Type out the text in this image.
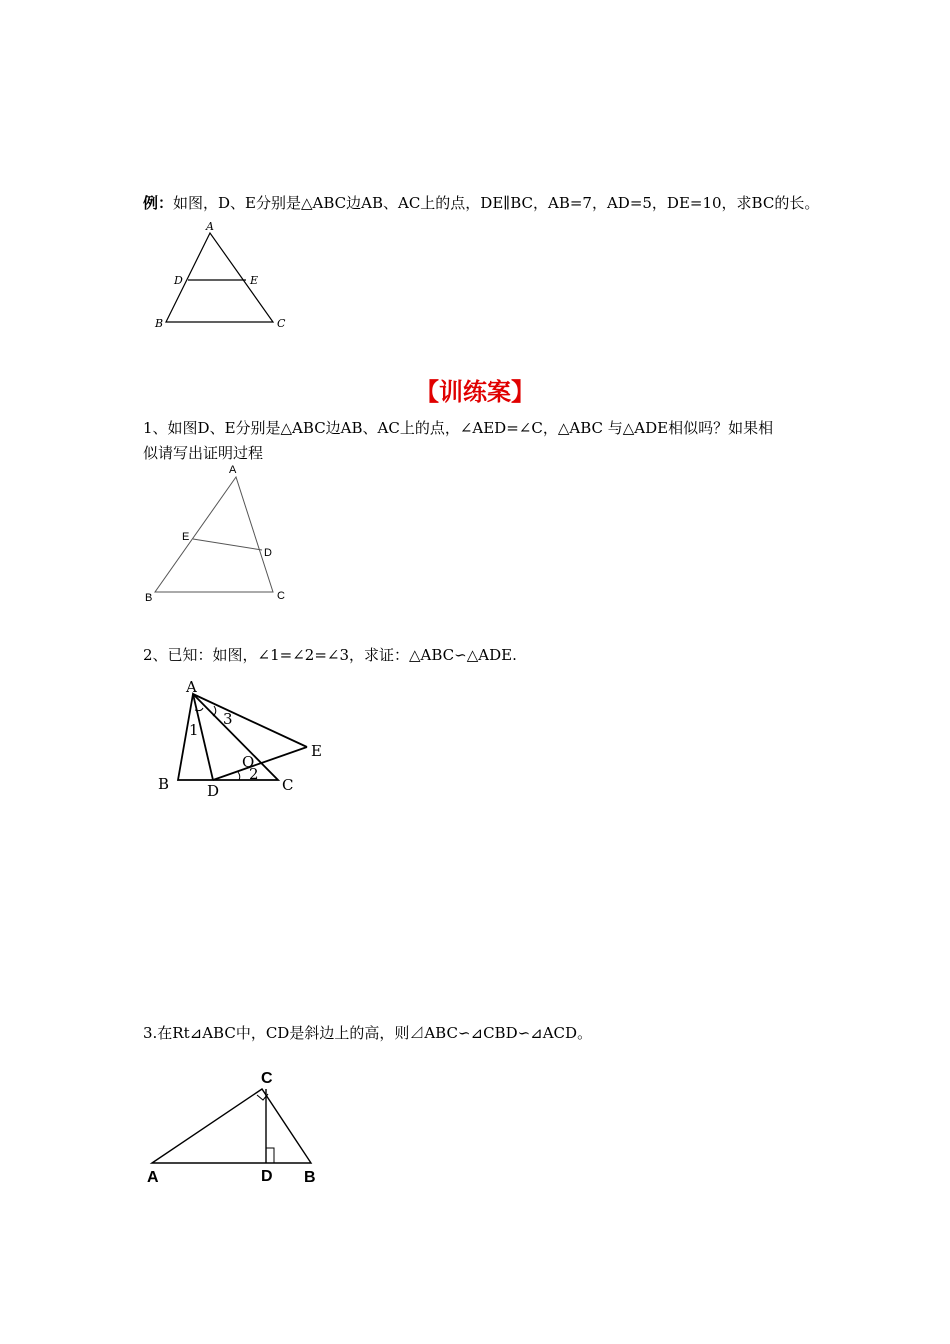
例：如图，D、E分别是△ABC边AB、AC上的点，DE∥BC，AB=7，AD=5，DE=10，求BC的长。
【训练案】
1、如图D、E分别是△ABC边AB、AC上的点，∠AED=∠C，△ABC 与△ADE相似吗？如果相
似请写出证明过程
2、已知：如图，∠1=∠2=∠3，求证：△ABC∽△ADE.
3.在Rt⊿ABC中，CD是斜边上的高，则⊿ABC∽⊿CBD∽⊿ACD。
A
D	E
B	C
A
E
D
B	C
A
B	D	C
E
O
1
3
2
C
A	D B
